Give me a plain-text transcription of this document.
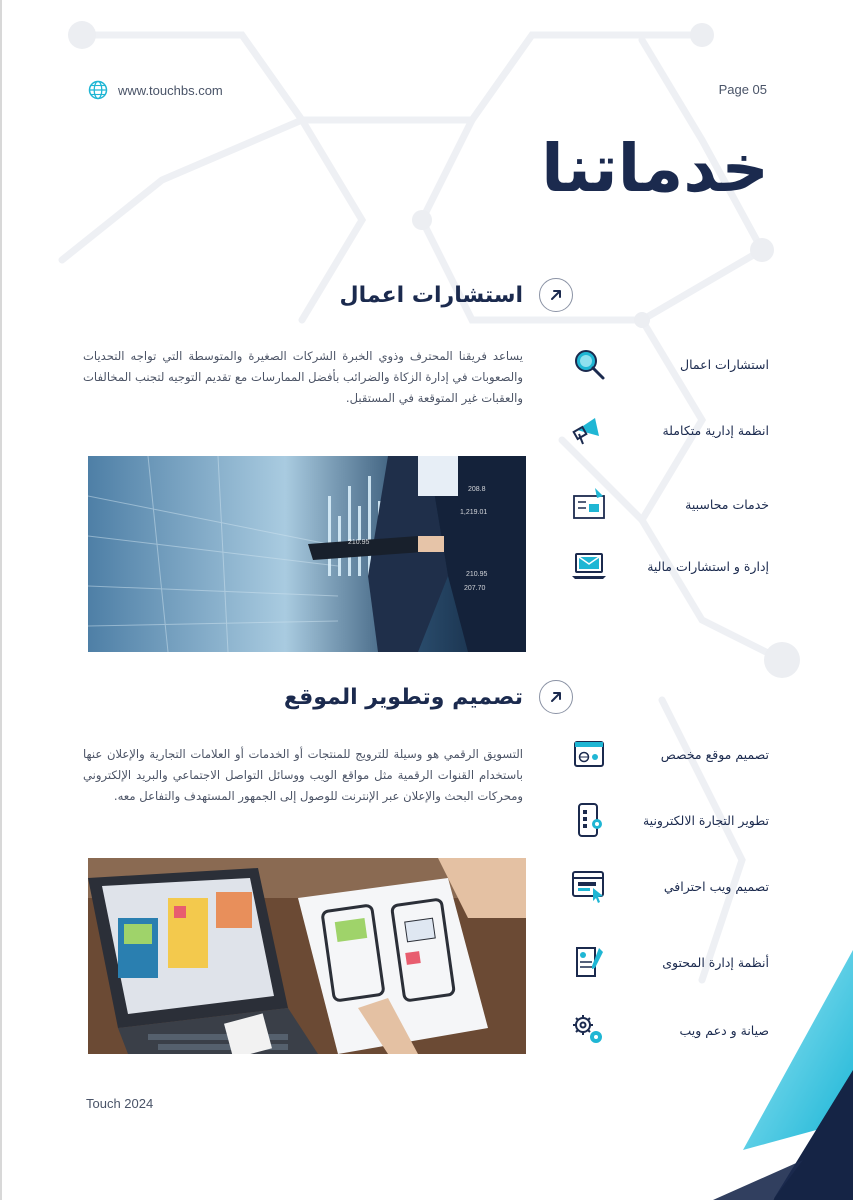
www.touchbs.com	Page 05
خدماتنا
استشارات اعمال

يساعد فريقنا المحترف وذوي الخبرة الشركات الصغيرة والمتوسطة التي تواجه التحديات والصعوبات في إدارة الزكاة والضرائب بأفضل الممارسات مع تقديم التوجيه لتجنب المخالفات والعقبات غير المتوقعة في المستقبل.

208.8
1,219.01
210.95
210.95
207.70
استشارات اعمال
انظمة إدارية متكاملة
خدمات محاسبية
إدارة و استشارات مالية
تصميم وتطوير الموقع

التسويق الرقمي هو وسيلة للترويج للمنتجات أو الخدمات أو العلامات التجارية والإعلان عنها باستخدام القنوات الرقمية مثل مواقع الويب ووسائل التواصل الاجتماعي والبريد الإلكتروني ومحركات البحث والإعلان عبر الإنترنت للوصول إلى الجمهور المستهدف والتفاعل معه.

تصميم موقع مخصص
تطوير التجارة الالكترونية
تصميم ويب احترافي
أنظمة إدارة المحتوى
صيانة و دعم ويب
Touch 2024
